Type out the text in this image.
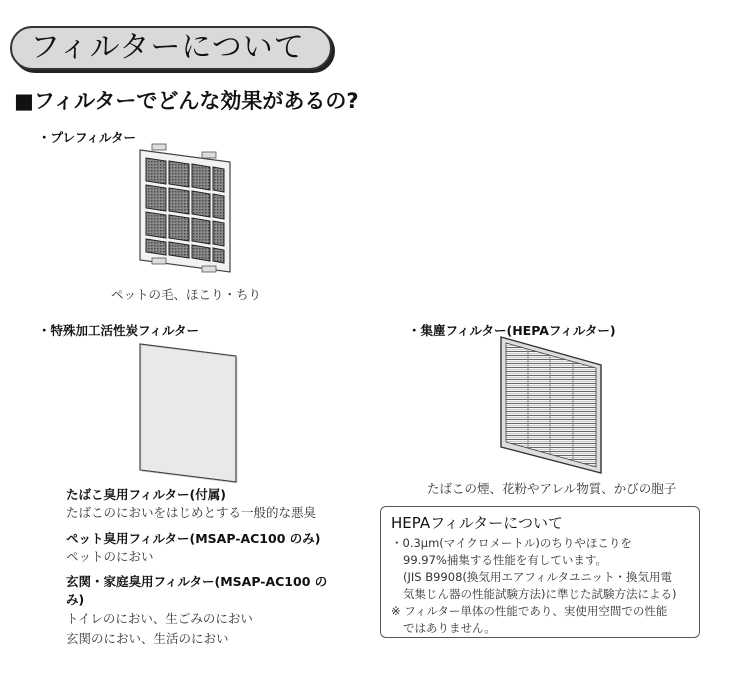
フィルターについて
■フィルターでどんな効果があるの?
・プレフィルター
ペットの毛、ほこり・ちり
・特殊加工活性炭フィルター	・集塵フィルター(HEPAフィルター)
たばこの煙、花粉やアレル物質、かびの胞子
たばこ臭用フィルター(付属)
たばこのにおいをはじめとする一般的な悪臭
ペット臭用フィルター(MSAP-AC100 のみ)
ペットのにおい
玄関・家庭臭用フィルター(MSAP-AC100 のみ)
トイレのにおい、生ごみのにおい
玄関のにおい、生活のにおい
HEPAフィルターについて
・0.3μm(マイクロメートル)のちりやほこりを
99.97%捕集する性能を有しています。
(JIS B9908(換気用エアフィルタユニット・換気用電
気集じん器の性能試験方法)に準じた試験方法による)
※ フィルター単体の性能であり、実使用空間での性能
ではありません。
